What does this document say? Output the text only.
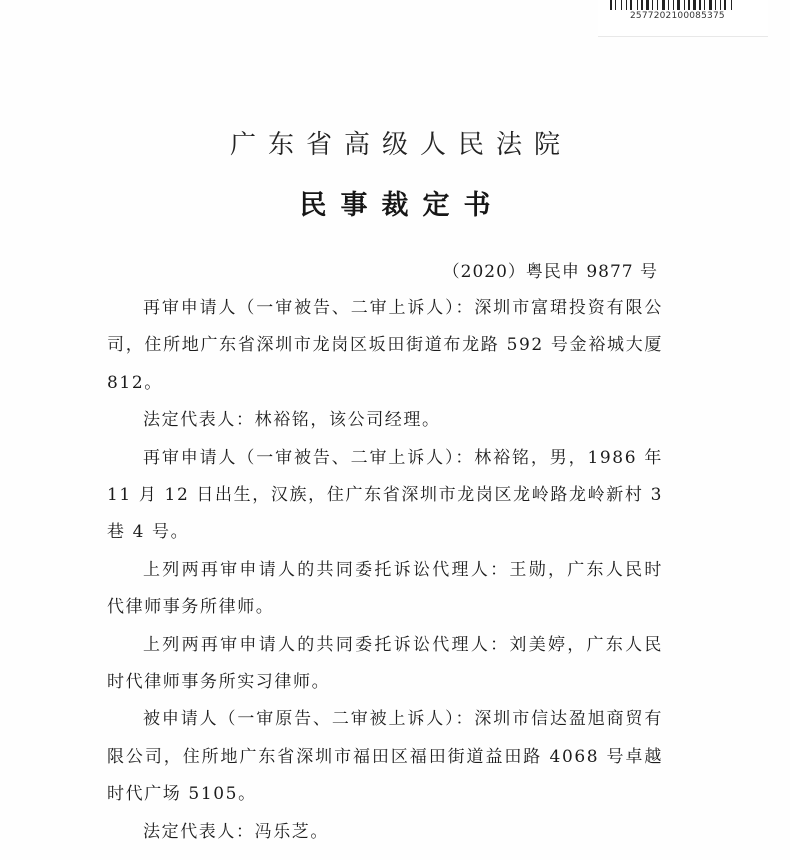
2577202100085375
广东省高级人民法院
民事裁定书
（2020）粤民申 9877 号

再审申请人（一审被告、二审上诉人）：深圳市富珺投资有限公司，住所地广东省深圳市龙岗区坂田街道布龙路 592 号金裕城大厦 812。

法定代表人：林裕铭，该公司经理。

再审申请人（一审被告、二审上诉人）：林裕铭，男，1986 年 11 月 12 日出生，汉族，住广东省深圳市龙岗区龙岭路龙岭新村 3 巷 4 号。

上列两再审申请人的共同委托诉讼代理人：王勋，广东人民时代律师事务所律师。

上列两再审申请人的共同委托诉讼代理人：刘美婷，广东人民时代律师事务所实习律师。

被申请人（一审原告、二审被上诉人）：深圳市信达盈旭商贸有限公司，住所地广东省深圳市福田区福田街道益田路 4068 号卓越时代广场 5105。

法定代表人：冯乐芝。
